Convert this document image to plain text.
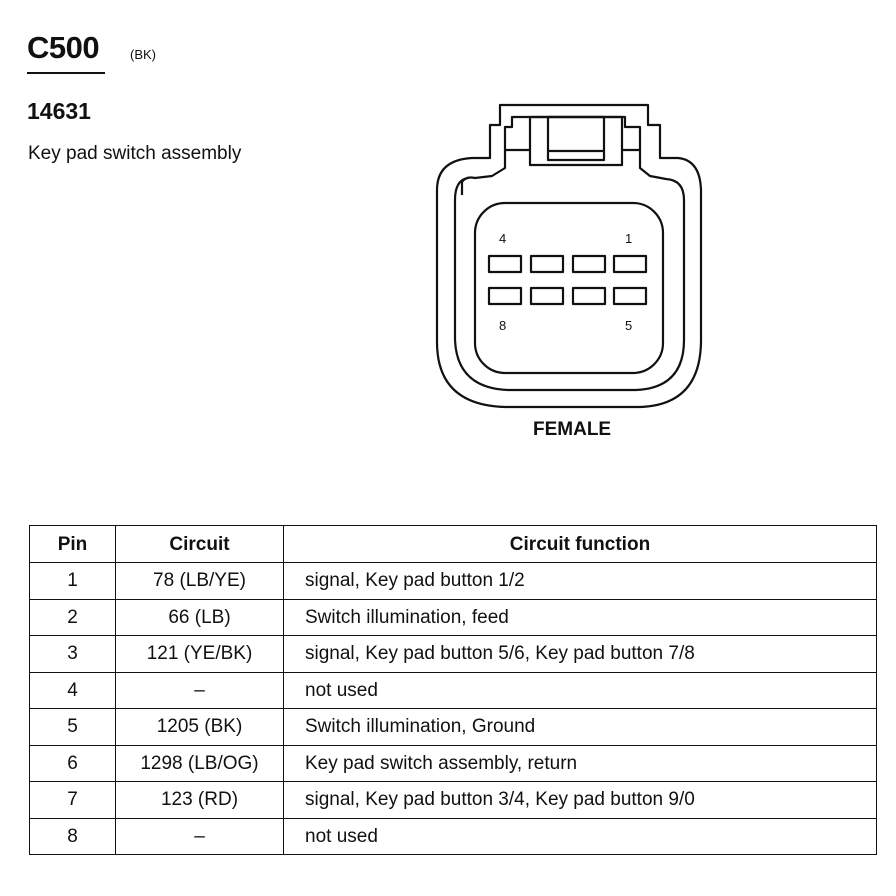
C500 (BK)
14631
Key pad switch assembly
4	1
8	5
FEMALE
Pin	Circuit	Circuit function
1	78 (LB/YE)	signal, Key pad button 1/2
2	66 (LB)	Switch illumination, feed
3	121 (YE/BK)	signal, Key pad button 5/6, Key pad button 7/8
4	–	not used
5	1205 (BK)	Switch illumination, Ground
6	1298 (LB/OG)	Key pad switch assembly, return
7	123 (RD)	signal, Key pad button 3/4, Key pad button 9/0
8	–	not used
